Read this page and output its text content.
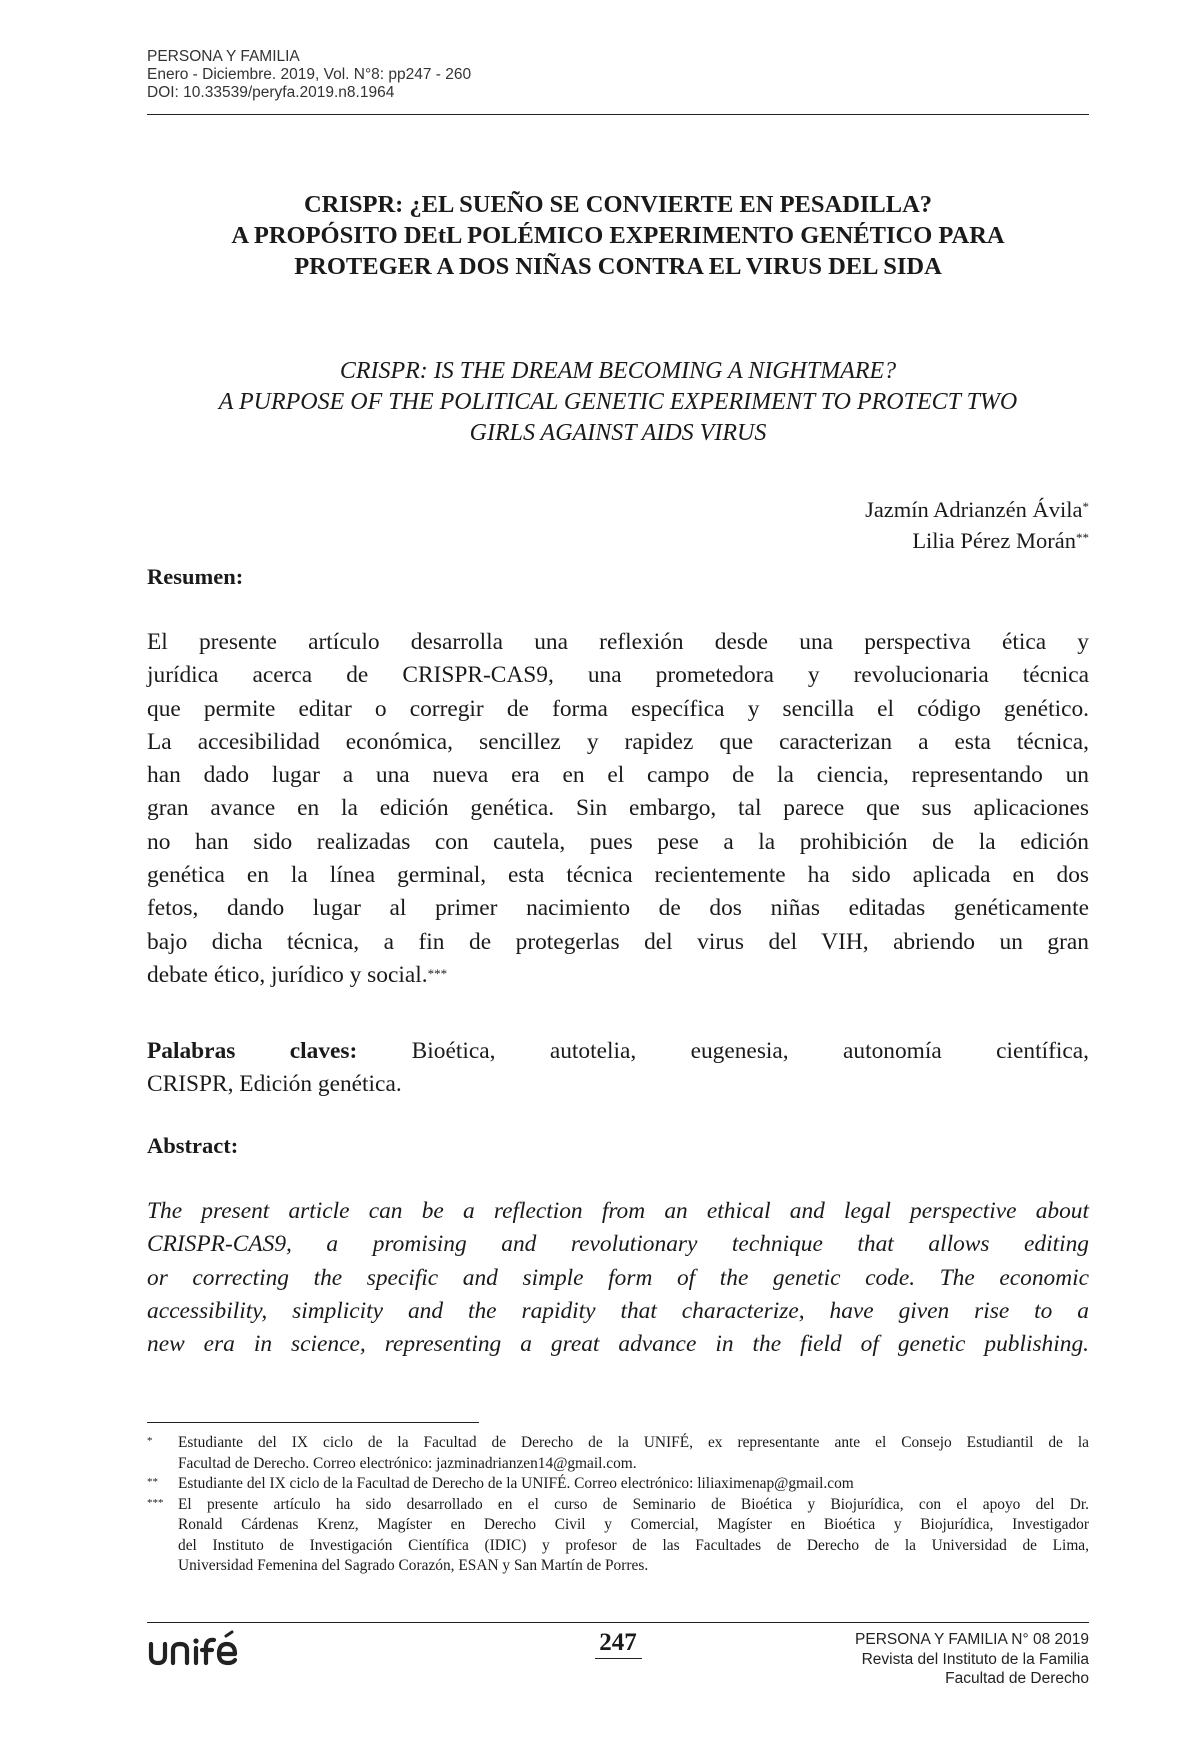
PERSONA Y FAMILIA
Enero - Diciembre. 2019, Vol. N°8: pp247 - 260
DOI: 10.33539/peryfa.2019.n8.1964
CRISPR: ¿EL SUEÑO SE CONVIERTE EN PESADILLA?
A PROPÓSITO DEtL POLÉMICO EXPERIMENTO GENÉTICO PARA
PROTEGER A DOS NIÑAS CONTRA EL VIRUS DEL SIDA
CRISPR: IS THE DREAM BECOMING A NIGHTMARE?
A PURPOSE OF THE POLITICAL GENETIC EXPERIMENT TO PROTECT TWO
GIRLS AGAINST AIDS VIRUS
Jazmín Adrianzén Ávila*
Lilia Pérez Morán**
Resumen:
El presente artículo desarrolla una reflexión desde una perspectiva ética y
jurídica acerca de CRISPR-CAS9, una prometedora y revolucionaria técnica
que permite editar o corregir de forma específica y sencilla el código genético.
La accesibilidad económica, sencillez y rapidez que caracterizan a esta técnica,
han dado lugar a una nueva era en el campo de la ciencia, representando un
gran avance en la edición genética. Sin embargo, tal parece que sus aplicaciones
no han sido realizadas con cautela, pues pese a la prohibición de la edición
genética en la línea germinal, esta técnica recientemente ha sido aplicada en dos
fetos, dando lugar al primer nacimiento de dos niñas editadas genéticamente
bajo dicha técnica, a fin de protegerlas del virus del VIH, abriendo un gran
debate ético, jurídico y social.***
Palabras claves: Bioética, autotelia, eugenesia, autonomía científica,
CRISPR, Edición genética.
Abstract:
The present article can be a reflection from an ethical and legal perspective about
CRISPR-CAS9, a promising and revolutionary technique that allows editing
or correcting the specific and simple form of the genetic code. The economic
accessibility, simplicity and the rapidity that characterize, have given rise to a
new era in science, representing a great advance in the field of genetic publishing.
* Estudiante del IX ciclo de la Facultad de Derecho de la UNIFÉ, ex representante ante el Consejo Estudiantil de la
Facultad de Derecho. Correo electrónico: jazminadrianzen14@gmail.com.
** Estudiante del IX ciclo de la Facultad de Derecho de la UNIFÉ. Correo electrónico: liliaximenap@gmail.com
*** El presente artículo ha sido desarrollado en el curso de Seminario de Bioética y Biojurídica, con el apoyo del Dr.
Ronald Cárdenas Krenz, Magíster en Derecho Civil y Comercial, Magíster en Bioética y Biojurídica, Investigador
del Instituto de Investigación Científica (IDIC) y profesor de las Facultades de Derecho de la Universidad de Lima,
Universidad Femenina del Sagrado Corazón, ESAN y San Martín de Porres.
247	PERSONA Y FAMILIA N° 08 2019
Revista del Instituto de la Familia
Facultad de Derecho
